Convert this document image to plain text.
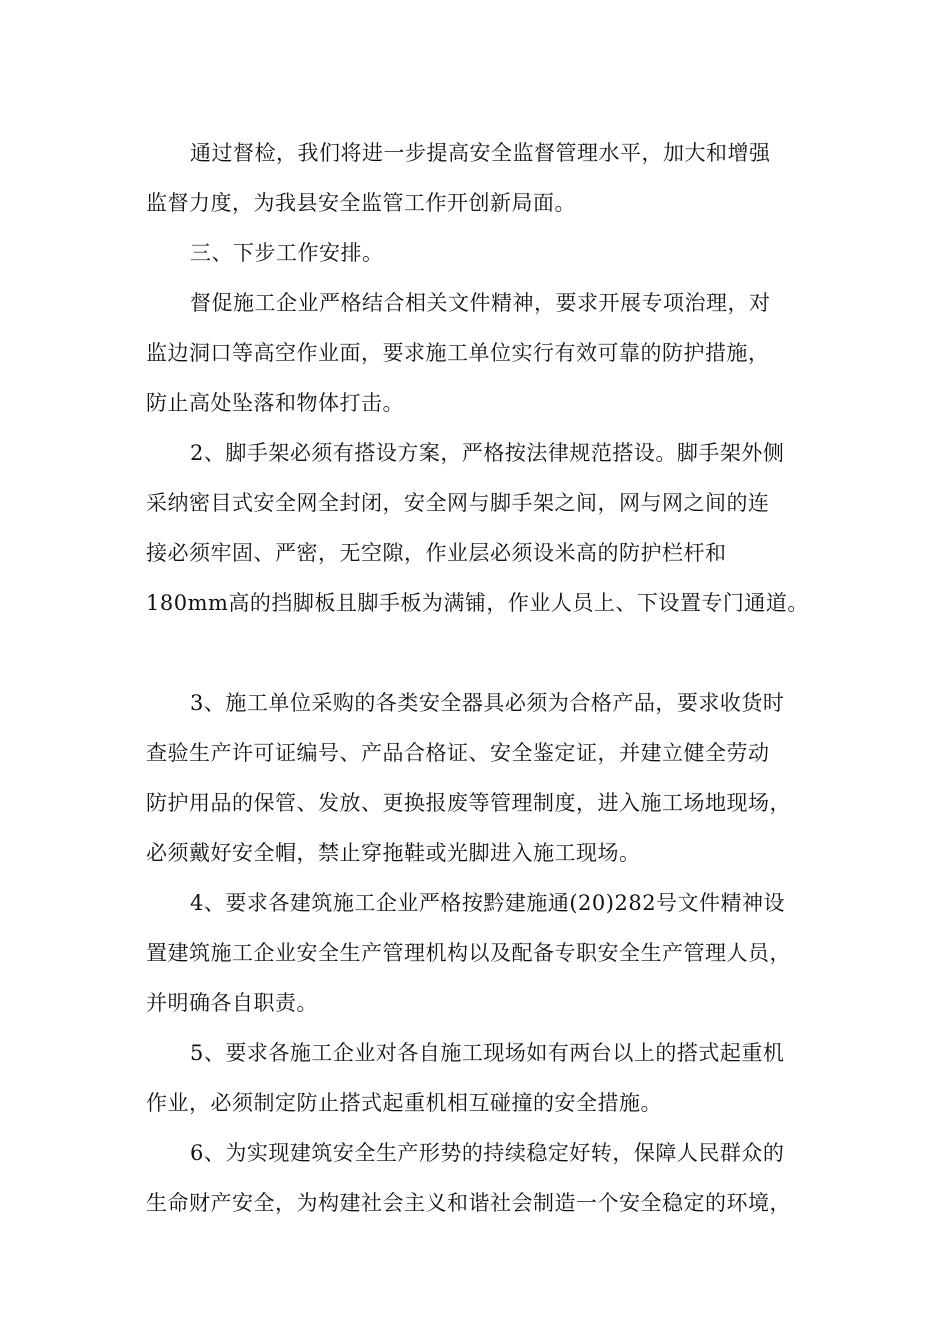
通过督检，我们将进一步提高安全监督管理水平，加大和增强
监督力度，为我县安全监管工作开创新局面。

三、下步工作安排。

督促施工企业严格结合相关文件精神，要求开展专项治理，对
监边洞口等高空作业面，要求施工单位实行有效可靠的防护措施，
防止高处坠落和物体打击。

2、脚手架必须有搭设方案，严格按法律规范搭设。脚手架外侧
采纳密目式安全网全封闭，安全网与脚手架之间，网与网之间的连
接必须牢固、严密，无空隙，作业层必须设米高的防护栏杆和
180mm高的挡脚板且脚手板为满铺，作业人员上、下设置专门通道。

3、施工单位采购的各类安全器具必须为合格产品，要求收货时
查验生产许可证编号、产品合格证、安全鉴定证，并建立健全劳动
防护用品的保管、发放、更换报废等管理制度，进入施工场地现场，
必须戴好安全帽，禁止穿拖鞋或光脚进入施工现场。

4、要求各建筑施工企业严格按黔建施通(20)282号文件精神设
置建筑施工企业安全生产管理机构以及配备专职安全生产管理人员，
并明确各自职责。

5、要求各施工企业对各自施工现场如有两台以上的搭式起重机
作业，必须制定防止搭式起重机相互碰撞的安全措施。

6、为实现建筑安全生产形势的持续稳定好转，保障人民群众的
生命财产安全，为构建社会主义和谐社会制造一个安全稳定的环境，
